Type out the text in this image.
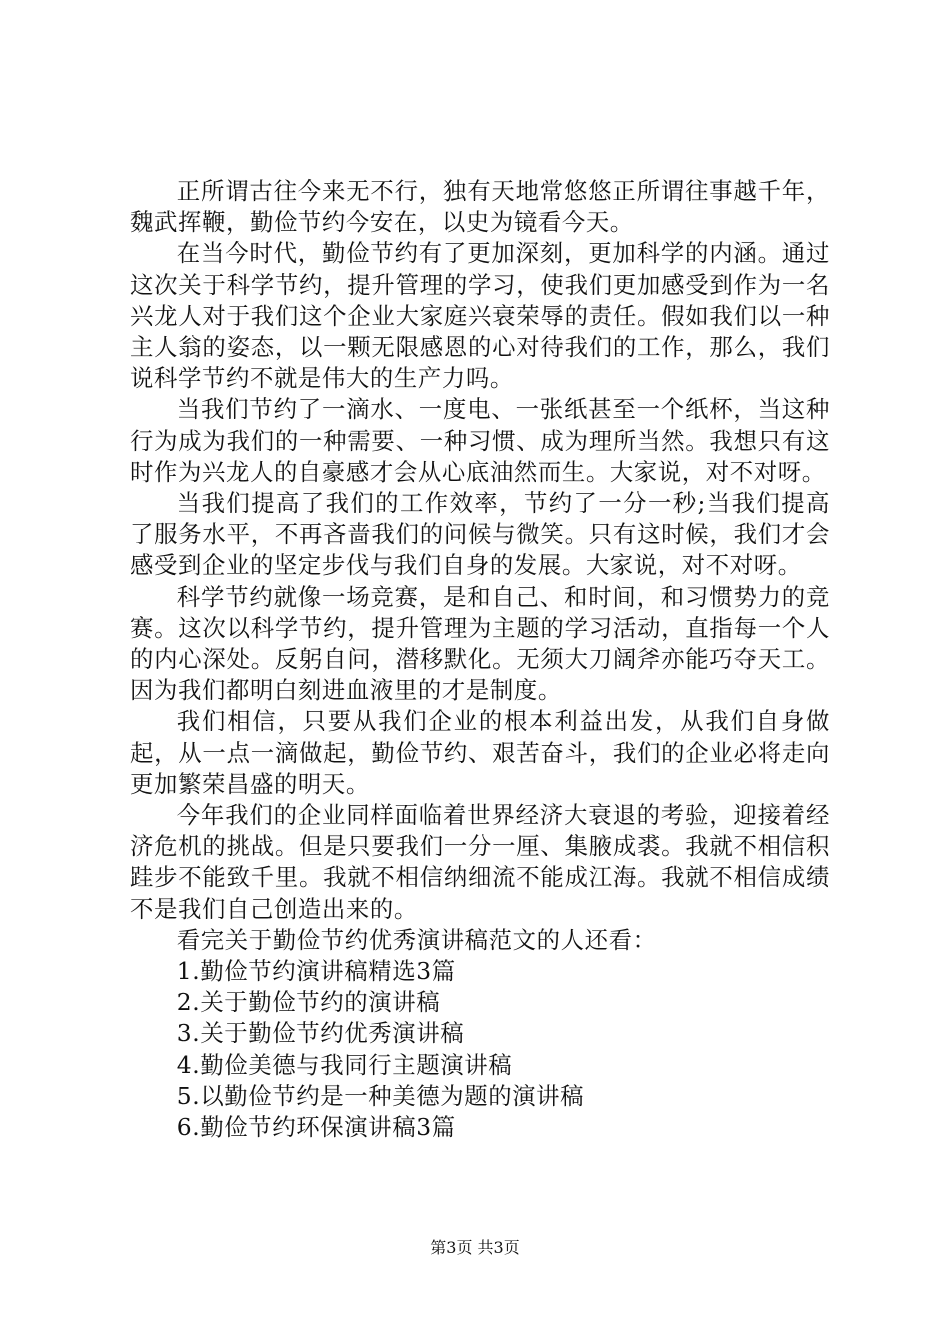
正所谓古往今来无不行，独有天地常悠悠正所谓往事越千年，魏武挥鞭，勤俭节约今安在，以史为镜看今天。

在当今时代，勤俭节约有了更加深刻，更加科学的内涵。通过这次关于科学节约，提升管理的学习，使我们更加感受到作为一名兴龙人对于我们这个企业大家庭兴衰荣辱的责任。假如我们以一种主人翁的姿态，以一颗无限感恩的心对待我们的工作，那么，我们说科学节约不就是伟大的生产力吗。

当我们节约了一滴水、一度电、一张纸甚至一个纸杯，当这种行为成为我们的一种需要、一种习惯、成为理所当然。我想只有这时作为兴龙人的自豪感才会从心底油然而生。大家说，对不对呀。

当我们提高了我们的工作效率，节约了一分一秒;当我们提高了服务水平，不再吝啬我们的问候与微笑。只有这时候，我们才会感受到企业的坚定步伐与我们自身的发展。大家说，对不对呀。

科学节约就像一场竞赛，是和自己、和时间，和习惯势力的竞赛。这次以科学节约，提升管理为主题的学习活动，直指每一个人的内心深处。反躬自问，潜移默化。无须大刀阔斧亦能巧夺天工。因为我们都明白刻进血液里的才是制度。

我们相信，只要从我们企业的根本利益出发，从我们自身做起，从一点一滴做起，勤俭节约、艰苦奋斗，我们的企业必将走向更加繁荣昌盛的明天。

今年我们的企业同样面临着世界经济大衰退的考验，迎接着经济危机的挑战。但是只要我们一分一厘、集腋成裘。我就不相信积跬步不能致千里。我就不相信纳细流不能成江海。我就不相信成绩不是我们自己创造出来的。

看完关于勤俭节约优秀演讲稿范文的人还看：

1.勤俭节约演讲稿精选3篇

2.关于勤俭节约的演讲稿

3.关于勤俭节约优秀演讲稿

4.勤俭美德与我同行主题演讲稿

5.以勤俭节约是一种美德为题的演讲稿

6.勤俭节约环保演讲稿3篇

第3页 共3页
